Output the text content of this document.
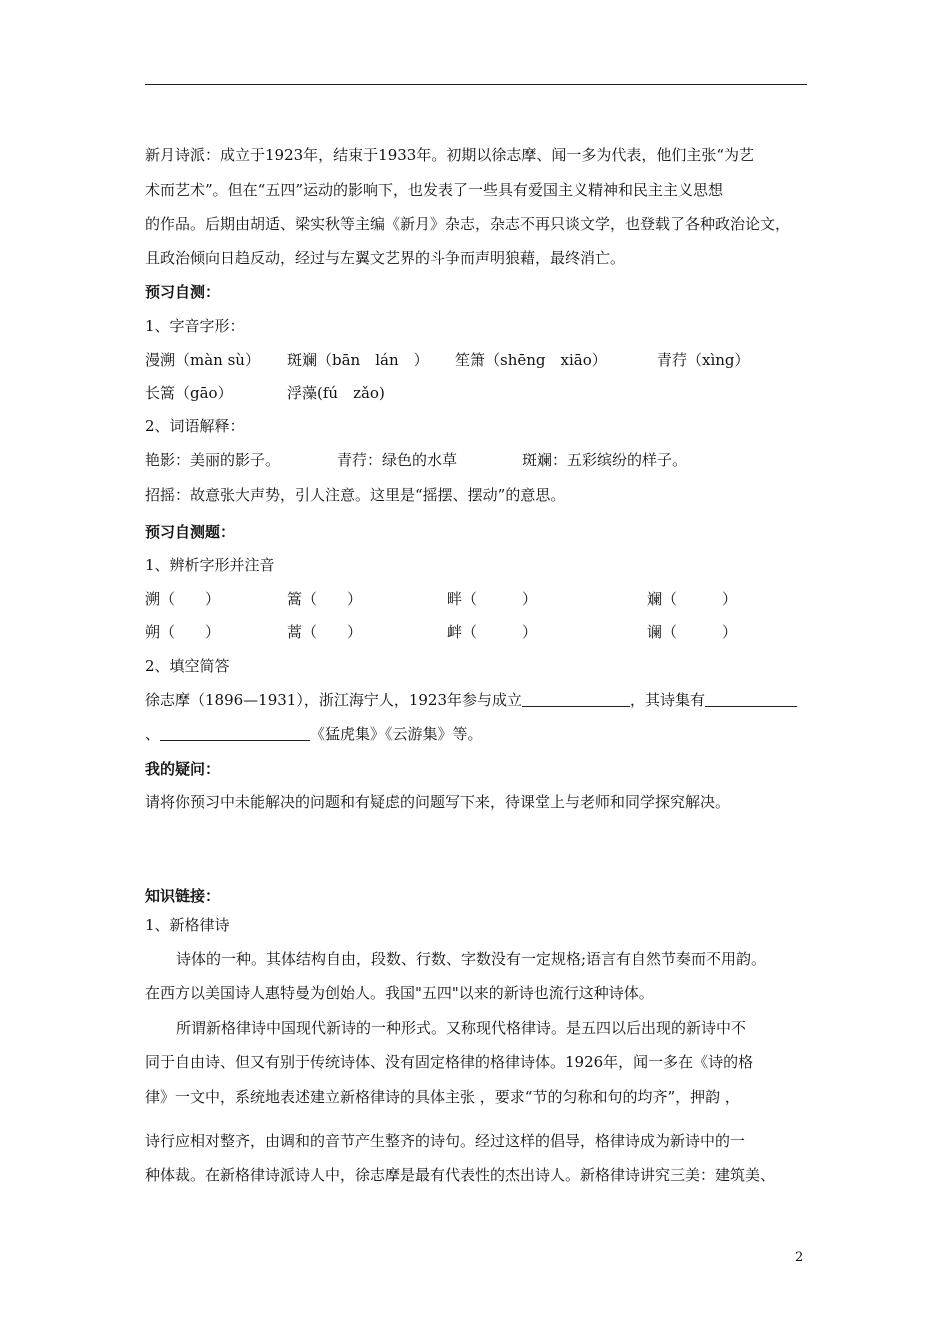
新月诗派：成立于1923年，结束于1933年。初期以徐志摩、闻一多为代表，他们主张“为艺
术而艺术”。但在“五四”运动的影响下，也发表了一些具有爱国主义精神和民主主义思想
的作品。后期由胡适、梁实秋等主编《新月》杂志，杂志不再只谈文学，也登载了各种政治论文，
且政治倾向日趋反动，经过与左翼文艺界的斗争而声明狼藉，最终消亡。
预习自测：
1、字音字形：
漫溯（màn sù） 斑斓（bān　lán　） 笙箫（shēng　xiāo）	青荇（xìng）
长篙（gāo）	浮藻(fú　zǎo)
2、词语解释：
艳影：美丽的影子。	青荇：绿色的水草	斑斓：五彩缤纷的样子。
招摇：故意张大声势，引人注意。这里是“摇摆、摆动”的意思。
预习自测题：
1、辨析字形并注音
溯（　　）	篙（　　）	畔（　　　）	斓（　　　）
朔（　　）	蒿（　　）	衅（　　　）	谰（　　　）
2、填空简答
徐志摩（1896—1931），浙江海宁人，1923年参与成立	，其诗集有
、	《猛虎集》《云游集》等。
我的疑问：
请将你预习中未能解决的问题和有疑虑的问题写下来，待课堂上与老师和同学探究解决。
知识链接：
1、新格律诗
诗体的一种。其体结构自由，段数、行数、字数没有一定规格;语言有自然节奏而不用韵。
在西方以美国诗人惠特曼为创始人。我国"五四"以来的新诗也流行这种诗体。
所谓新格律诗中国现代新诗的一种形式。又称现代格律诗。是五四以后出现的新诗中不
同于自由诗、但又有别于传统诗体、没有固定格律的格律诗体。1926年，闻一多在《诗的格
律》一文中，系统地表述建立新格律诗的具体主张 ，要求“节的匀称和句的均齐”，押韵 ，
诗行应相对整齐，由调和的音节产生整齐的诗句。经过这样的倡导，格律诗成为新诗中的一
种体裁。在新格律诗派诗人中，徐志摩是最有代表性的杰出诗人。新格律诗讲究三美：建筑美、
2
